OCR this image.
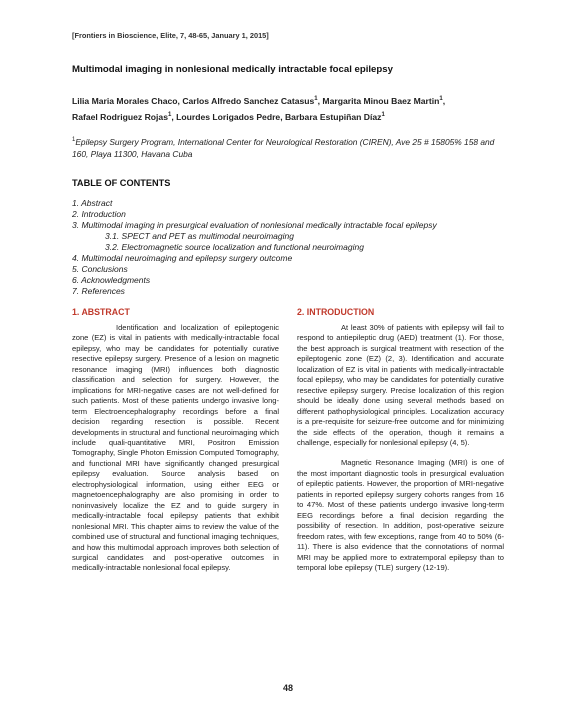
[Frontiers in Bioscience, Elite, 7, 48-65, January 1, 2015]
Multimodal imaging in nonlesional medically intractable focal epilepsy
Lilia Maria Morales Chaco, Carlos Alfredo Sanchez Catasus$^1$, Margarita Minou Baez Martin$^1$,
Rafael Rodriguez Rojas$^1$, Lourdes Lorigados Pedre, Barbara Estupiñan Díaz$^1$
$^1$Epilepsy Surgery Program, International Center for Neurological Restoration (CIREN), Ave 25 # 15805% 158 and 160, Playa 11300, Havana Cuba
TABLE OF CONTENTS
1. Abstract
2. Introduction
3. Multimodal imaging in presurgical evaluation of nonlesional medically intractable focal epilepsy
3.1. SPECT and PET as multimodal neuroimaging
3.2. Electromagnetic source localization and functional neuroimaging
4. Multimodal neuroimaging and epilepsy surgery outcome
5. Conclusions
6. Acknowledgments
7. References
1. ABSTRACT	2. INTRODUCTION

Identification and localization of epileptogenic zone (EZ) is vital in patients with medically-intractable focal epilepsy, who may be candidates for potentially curative resective epilepsy surgery. Presence of a lesion on magnetic resonance imaging (MRI) influences both diagnostic classification and selection for surgery. However, the implications for MRI-negative cases are not well-defined for such patients. Most of these patients undergo invasive long-term Electroencephalography recordings before a final decision regarding resection is possible. Recent developments in structural and functional neuroimaging which include quali-quantitative MRI, Positron Emission Tomography, Single Photon Emission Computed Tomography, and functional MRI have significantly changed presurgical epilepsy evaluation. Source analysis based on electrophysiological information, using either EEG or magnetoencephalography are also promising in order to noninvasively localize the EZ and to guide surgery in medically-intractable focal epilepsy patients that exhibit nonlesional MRI. This chapter aims to review the value of the combined use of structural and functional imaging techniques, and how this multimodal approach improves both selection of surgical candidates and post-operative outcomes in medically-intractable nonlesional focal epilepsy.

At least 30% of patients with epilepsy will fail to respond to antiepileptic drug (AED) treatment (1). For those, the best approach is surgical treatment with resection of the epileptogenic zone (EZ) (2, 3). Identification and accurate localization of EZ is vital in patients with medically-intractable focal epilepsy, who may be candidates for potentially curative resective epilepsy surgery. Precise localization of this region should be ideally done using several methods based on different pathophysiological principles. Localization accuracy is a pre-requisite for seizure-free outcome and for minimizing the side effects of the operation, though it remains a challenge, especially for nonlesional epilepsy (4, 5).

Magnetic Resonance Imaging (MRI) is one of the most important diagnostic tools in presurgical evaluation of epileptic patients. However, the proportion of MRI-negative patients in reported epilepsy surgery cohorts ranges from 16 to 47%. Most of these patients undergo invasive long-term EEG recordings before a final decision regarding the possibility of resection. In addition, post-operative seizure freedom rates, with few exceptions, range from 40 to 50% (6-11). There is also evidence that the connotations of normal MRI may be applied more to extratemporal epilepsy than to temporal lobe epilepsy (TLE) surgery (12-19).

48
